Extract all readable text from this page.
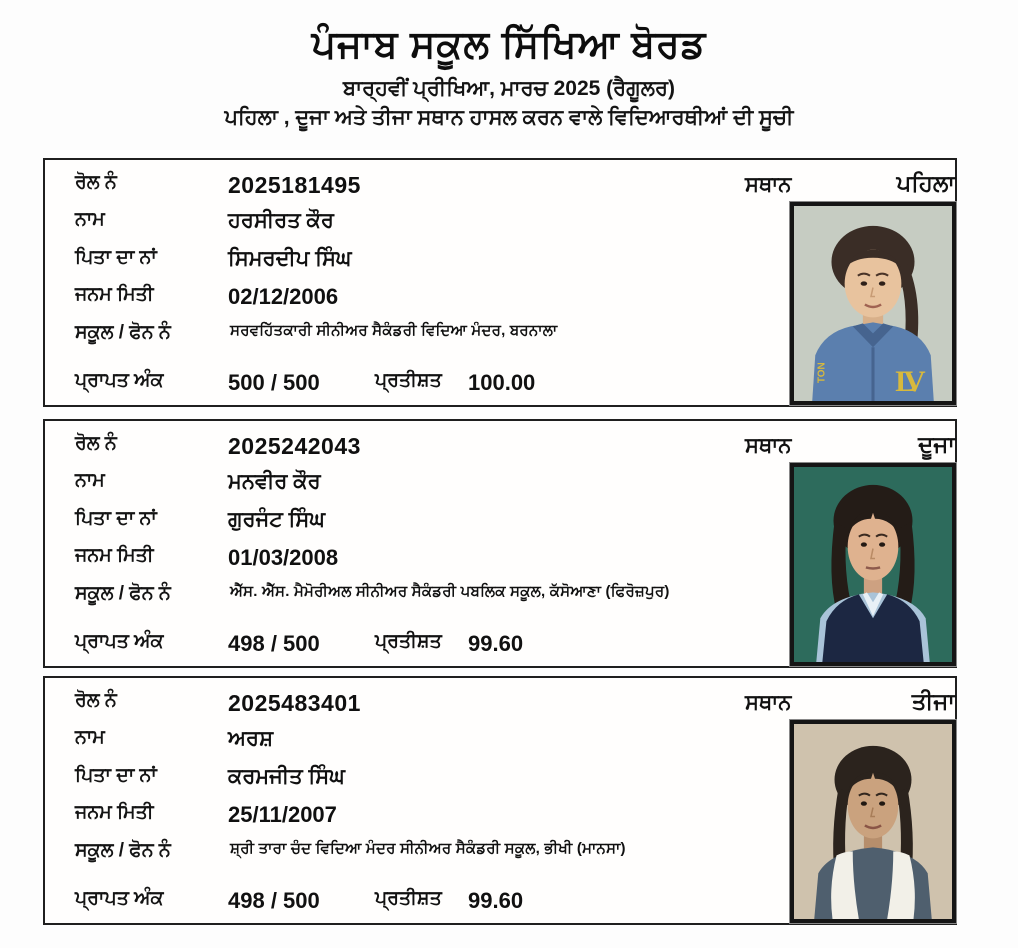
ਪੰਜਾਬ ਸਕੂਲ ਸਿੱਖਿਆ ਬੋਰਡ
ਬਾਰ੍ਹਵੀਂ ਪ੍ਰੀਖਿਆ, ਮਾਰਚ 2025 (ਰੈਗੂਲਰ)
ਪਹਿਲਾ , ਦੂਜਾ ਅਤੇ ਤੀਜਾ ਸਥਾਨ ਹਾਸਲ ਕਰਨ ਵਾਲੇ ਵਿਦਿਆਰਥੀਆਂ ਦੀ ਸੂਚੀ
ਰੋਲ ਨੰ	2025181495
ਨਾਮ	ਹਰਸੀਰਤ ਕੌਰ
ਪਿਤਾ ਦਾ ਨਾਂ	ਸਿਮਰਦੀਪ ਸਿੰਘ
ਜਨਮ ਮਿਤੀ	02/12/2006
ਸਕੂਲ / ਫੋਨ ਨੰ	ਸਰਵਹਿੱਤਕਾਰੀ ਸੀਨੀਅਰ ਸੈਕੰਡਰੀ ਵਿਦਿਆ ਮੰਦਰ, ਬਰਨਾਲਾ
ਪ੍ਰਾਪਤ ਅੰਕ	500 / 500	ਪ੍ਰਤੀਸ਼ਤ 100.00
ਸਥਾਨ	ਪਹਿਲਾ
LV
TON
ਰੋਲ ਨੰ	2025242043
ਨਾਮ	ਮਨਵੀਰ ਕੌਰ
ਪਿਤਾ ਦਾ ਨਾਂ	ਗੁਰਜੰਟ ਸਿੰਘ
ਜਨਮ ਮਿਤੀ	01/03/2008
ਸਕੂਲ / ਫੋਨ ਨੰ	ਐੱਸ. ਐੱਸ. ਮੈਮੋਰੀਅਲ ਸੀਨੀਅਰ ਸੈਕੰਡਰੀ ਪਬਲਿਕ ਸਕੂਲ, ਕੱਸੋਆਣਾ (ਫਿਰੋਜ਼ਪੁਰ)
ਪ੍ਰਾਪਤ ਅੰਕ	498 / 500	ਪ੍ਰਤੀਸ਼ਤ 99.60
ਸਥਾਨ	ਦੂਜਾ
ਰੋਲ ਨੰ	2025483401
ਨਾਮ	ਅਰਸ਼
ਪਿਤਾ ਦਾ ਨਾਂ	ਕਰਮਜੀਤ ਸਿੰਘ
ਜਨਮ ਮਿਤੀ	25/11/2007
ਸਕੂਲ / ਫੋਨ ਨੰ	ਸ਼੍ਰੀ ਤਾਰਾ ਚੰਦ ਵਿਦਿਆ ਮੰਦਰ ਸੀਨੀਅਰ ਸੈਕੰਡਰੀ ਸਕੂਲ, ਭੀਖੀ (ਮਾਨਸਾ)
ਪ੍ਰਾਪਤ ਅੰਕ	498 / 500	ਪ੍ਰਤੀਸ਼ਤ 99.60
ਸਥਾਨ	ਤੀਜਾ
